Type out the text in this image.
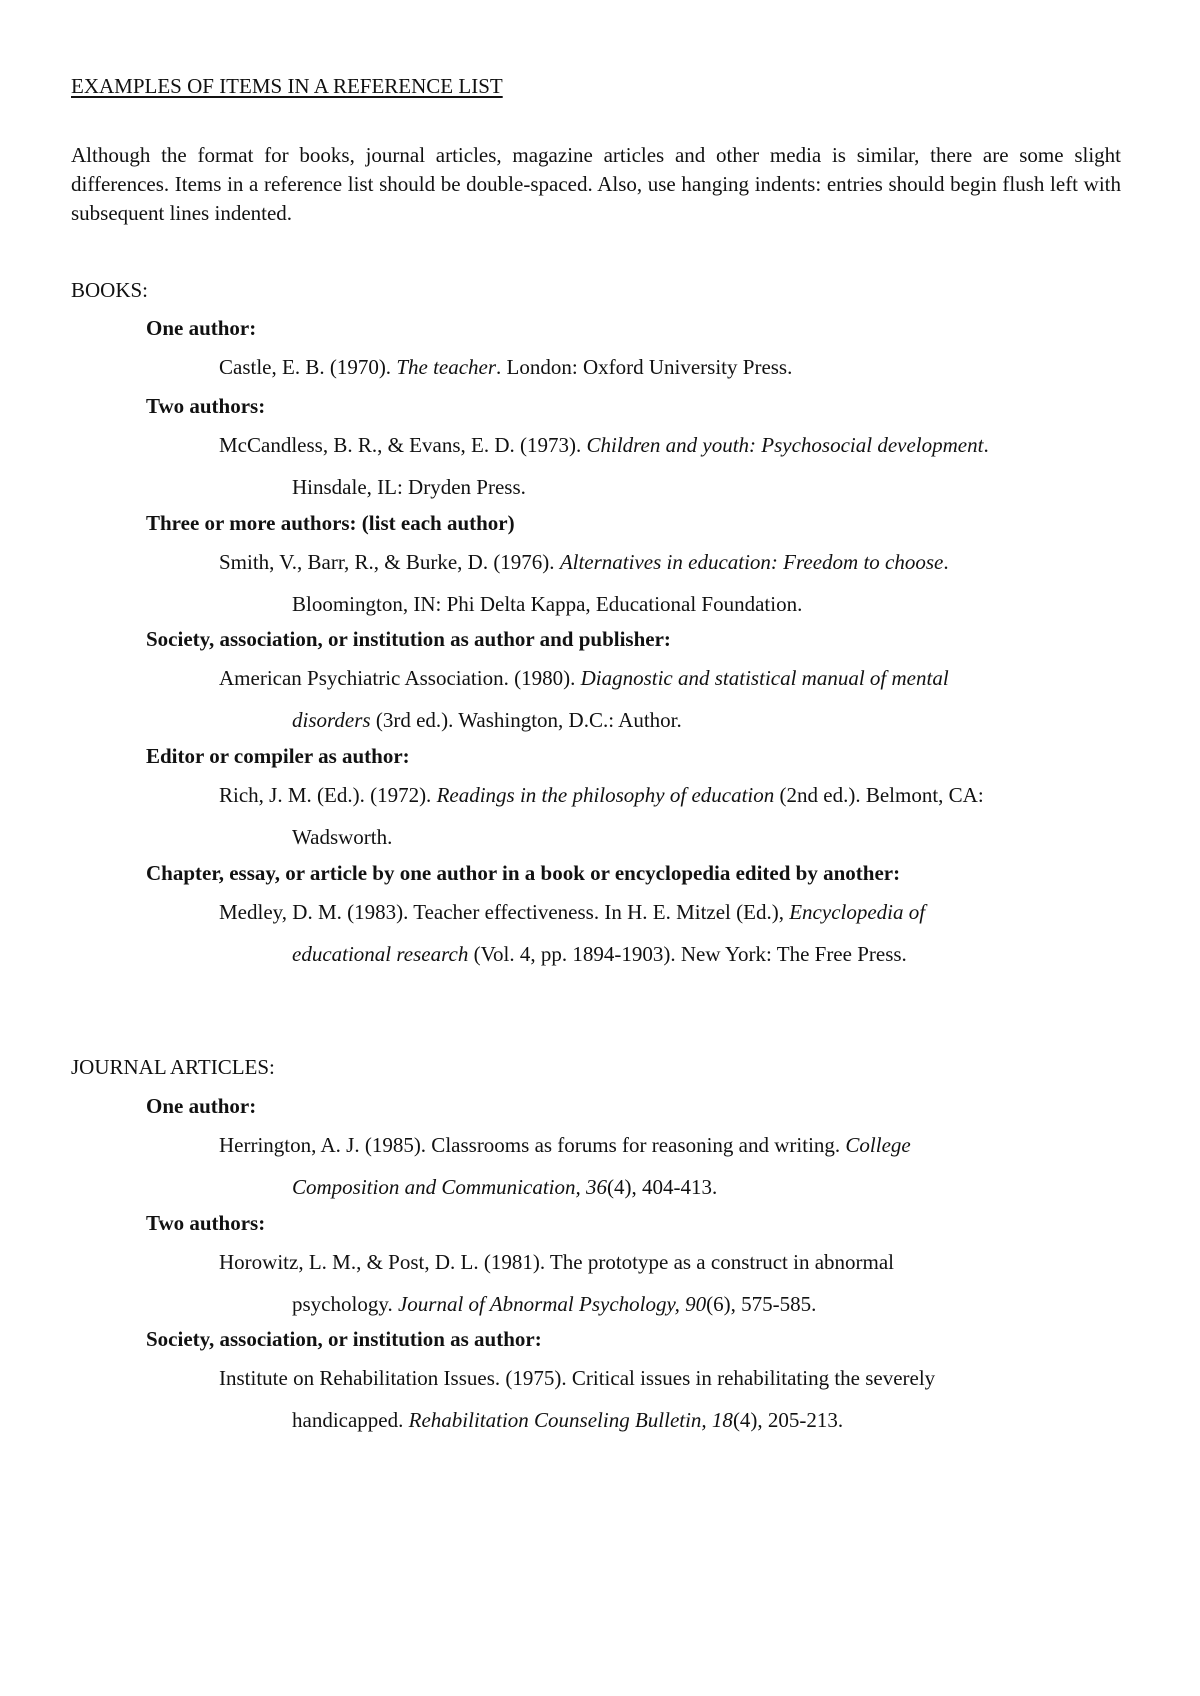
EXAMPLES OF ITEMS IN A REFERENCE LIST

Although the format for books, journal articles, magazine articles and other media is similar, there are some slight differences. Items in a reference list should be double-spaced. Also, use hanging indents: entries should begin flush left with subsequent lines indented.

BOOKS:
One author:
Castle, E. B. (1970). The teacher. London: Oxford University Press.
Two authors:
McCandless, B. R., & Evans, E. D. (1973). Children and youth: Psychosocial development.
Hinsdale, IL: Dryden Press.
Three or more authors: (list each author)
Smith, V., Barr, R., & Burke, D. (1976). Alternatives in education: Freedom to choose.
Bloomington, IN: Phi Delta Kappa, Educational Foundation.
Society, association, or institution as author and publisher:
American Psychiatric Association. (1980). Diagnostic and statistical manual of mental
disorders (3rd ed.). Washington, D.C.: Author.
Editor or compiler as author:
Rich, J. M. (Ed.). (1972). Readings in the philosophy of education (2nd ed.). Belmont, CA:
Wadsworth.
Chapter, essay, or article by one author in a book or encyclopedia edited by another:
Medley, D. M. (1983). Teacher effectiveness. In H. E. Mitzel (Ed.), Encyclopedia of
educational research (Vol. 4, pp. 1894-1903). New York: The Free Press.
JOURNAL ARTICLES:
One author:
Herrington, A. J. (1985). Classrooms as forums for reasoning and writing. College
Composition and Communication, 36(4), 404-413.
Two authors:
Horowitz, L. M., & Post, D. L. (1981). The prototype as a construct in abnormal
psychology. Journal of Abnormal Psychology, 90(6), 575-585.
Society, association, or institution as author:
Institute on Rehabilitation Issues. (1975). Critical issues in rehabilitating the severely
handicapped. Rehabilitation Counseling Bulletin, 18(4), 205-213.
